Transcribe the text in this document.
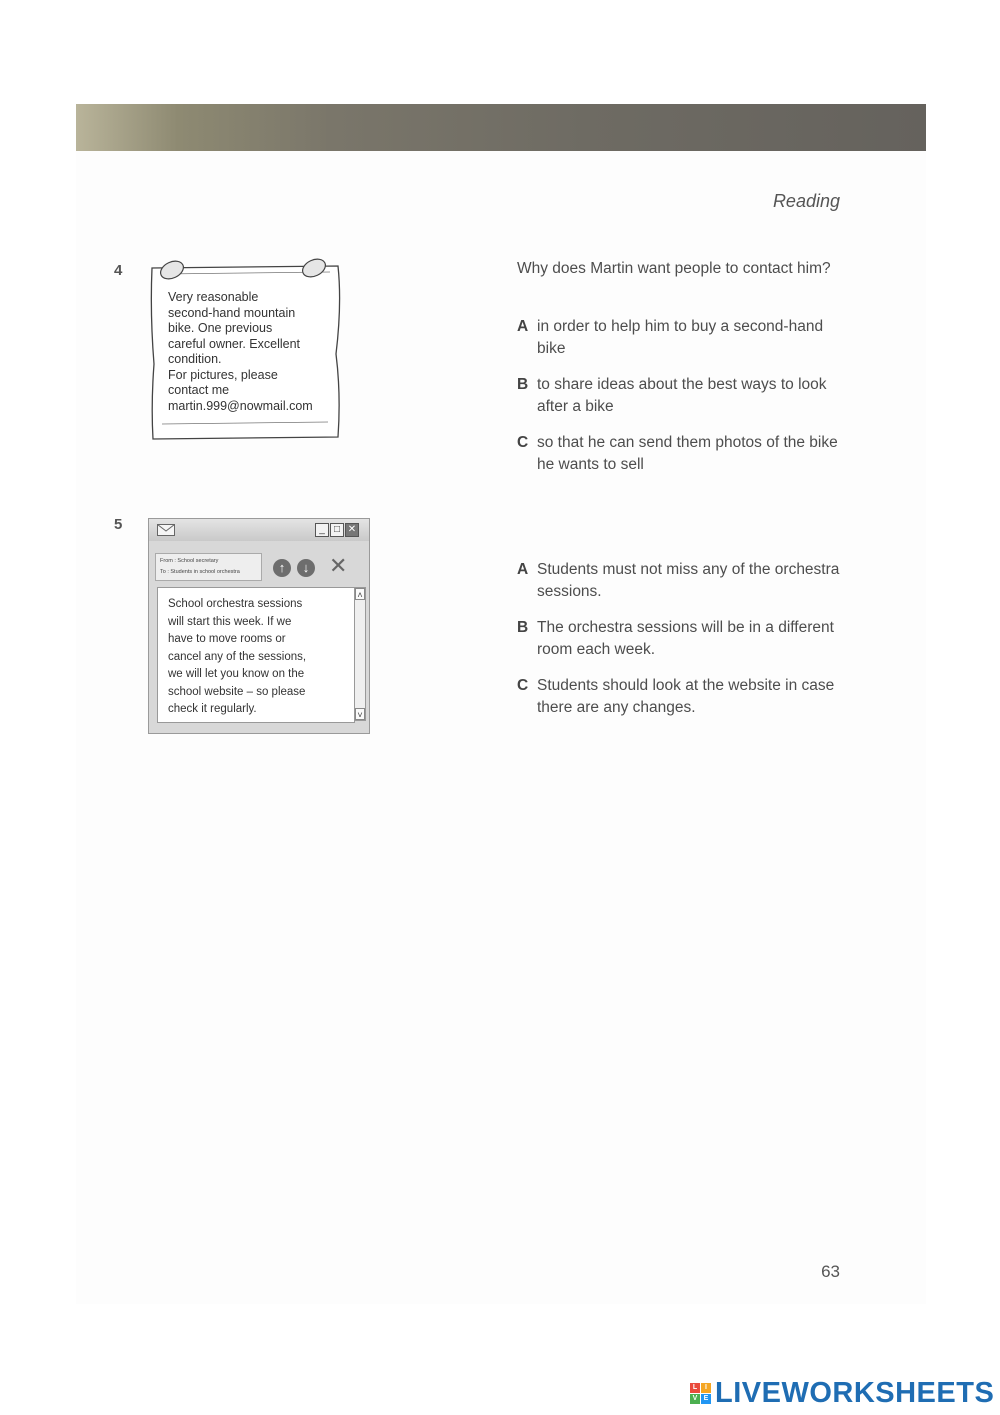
Reading
4
Very reasonable
second-hand mountain
bike. One previous
careful owner. Excellent
condition.
For pictures, please
contact me
martin.999@nowmail.com
Why does Martin want people to contact him?
A in order to help him to buy a second-hand bike
B to share ideas about the best ways to look after a bike
C so that he can send them photos of the bike he wants to sell
5	_ □ ✕
From : School secretary
To : Students in school orchestra	↑	↓ ✕
School orchestra sessions
will start this week. If we
have to move rooms or
cancel any of the sessions,
we will let you know on the
school website – so please
check it regularly.
˄
˅
A Students must not miss any of the orchestra sessions.
B The orchestra sessions will be in a different room each week.
C Students should look at the website in case there are any changes.
63
L	I
V E LIVEWORKSHEETS
